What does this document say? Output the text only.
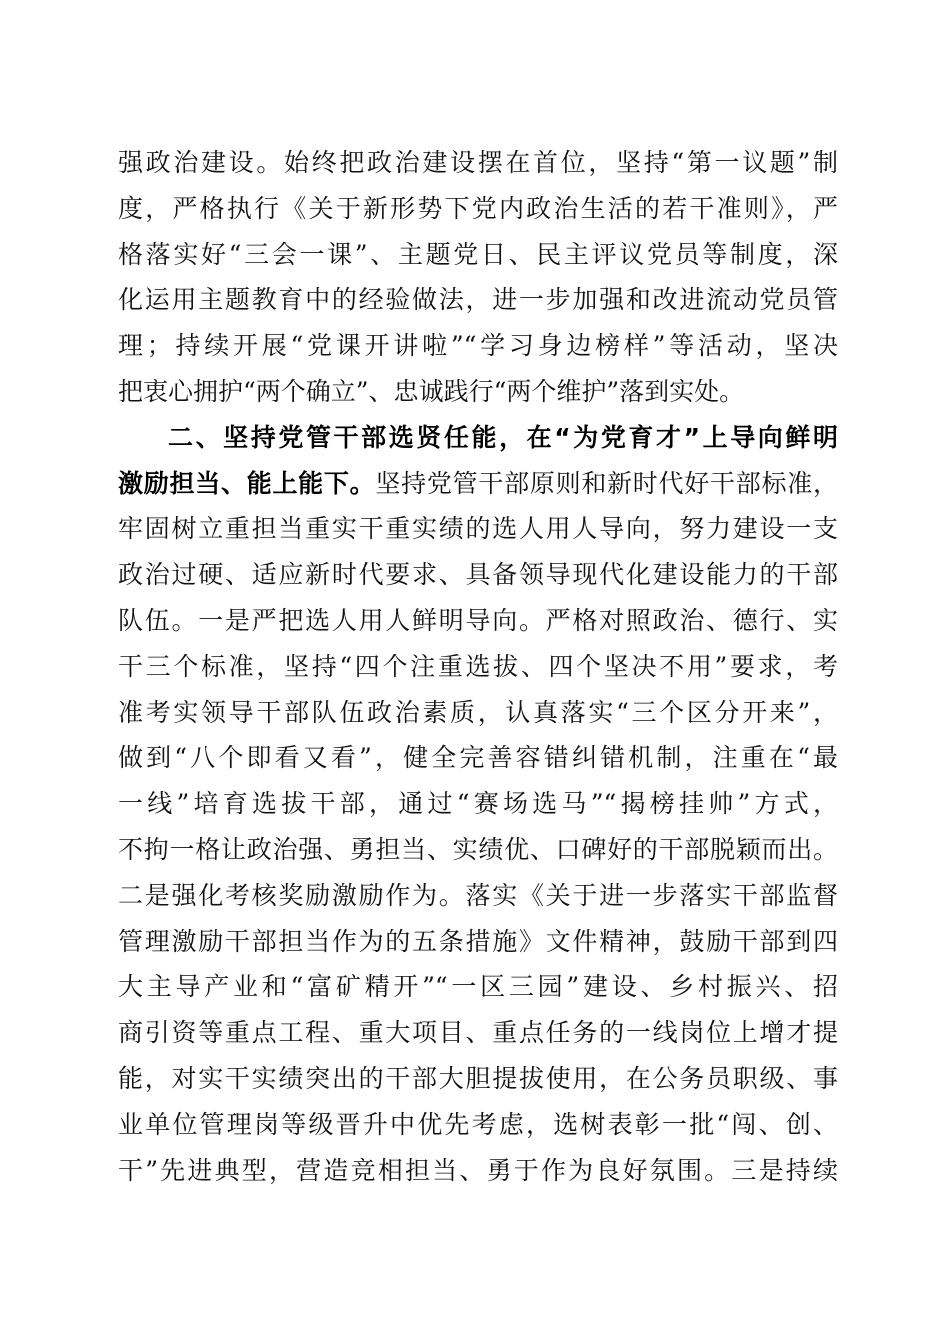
强政治建设。始终把政治建设摆在首位，坚持“第一议题”制
度，严格执行《关于新形势下党内政治生活的若干准则》，严
格落实好“三会一课”、主题党日、民主评议党员等制度，深
化运用主题教育中的经验做法，进一步加强和改进流动党员管
理；持续开展“党课开讲啦”“学习身边榜样”等活动，坚决
把衷心拥护“两个确立”、忠诚践行“两个维护”落到实处。
二、坚持党管干部选贤任能，在“为党育才”上导向鲜明
激励担当、能上能下。坚持党管干部原则和新时代好干部标准，
牢固树立重担当重实干重实绩的选人用人导向，努力建设一支
政治过硬、适应新时代要求、具备领导现代化建设能力的干部
队伍。一是严把选人用人鲜明导向。严格对照政治、德行、实
干三个标准，坚持“四个注重选拔、四个坚决不用”要求，考
准考实领导干部队伍政治素质，认真落实“三个区分开来”，
做到“八个即看又看”，健全完善容错纠错机制，注重在“最
一线”培育选拔干部，通过“赛场选马”“揭榜挂帅”方式，
不拘一格让政治强、勇担当、实绩优、口碑好的干部脱颖而出。
二是强化考核奖励激励作为。落实《关于进一步落实干部监督
管理激励干部担当作为的五条措施》文件精神，鼓励干部到四
大主导产业和“富矿精开”“一区三园”建设、乡村振兴、招
商引资等重点工程、重大项目、重点任务的一线岗位上增才提
能，对实干实绩突出的干部大胆提拔使用，在公务员职级、事
业单位管理岗等级晋升中优先考虑，选树表彰一批“闯、创、
干”先进典型，营造竞相担当、勇于作为良好氛围。三是持续
